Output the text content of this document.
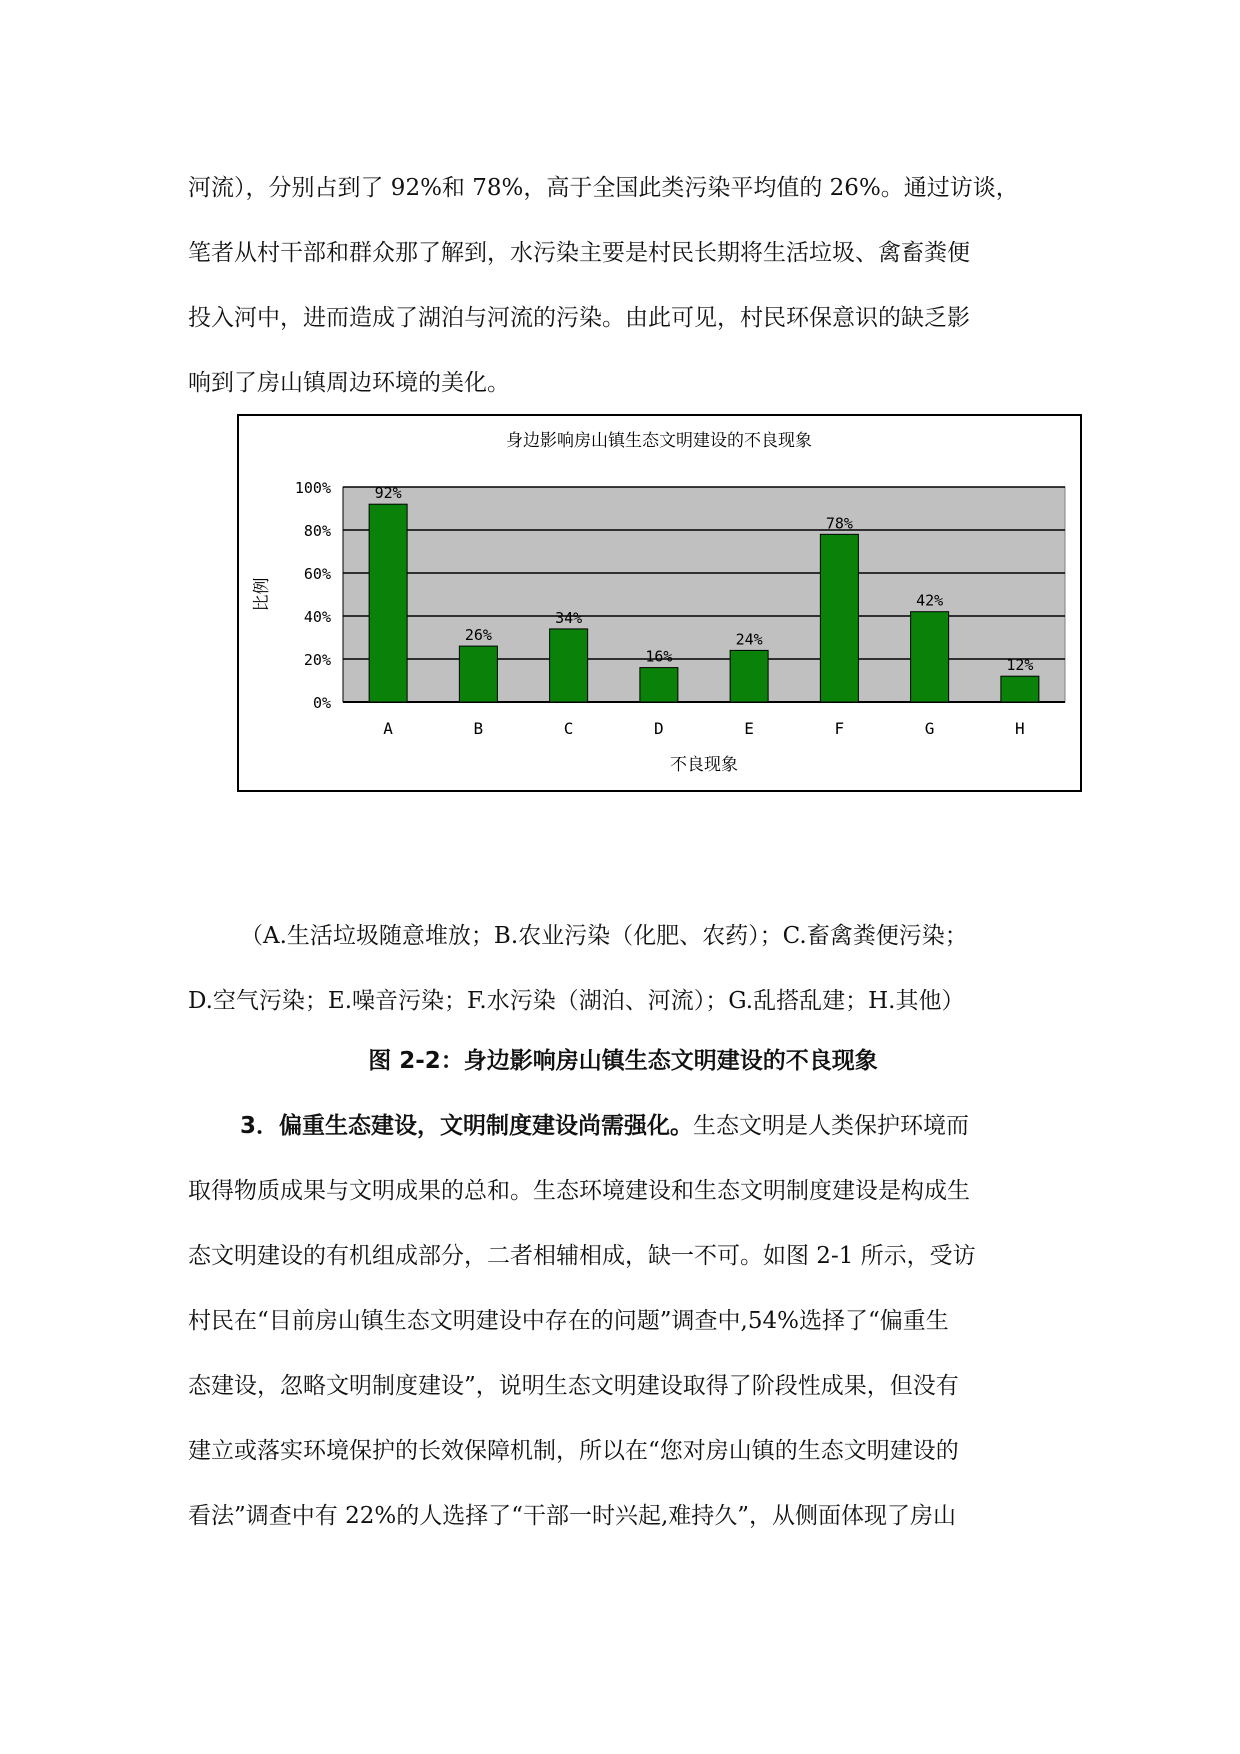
河流），分别占到了 92%和 78%，高于全国此类污染平均值的 26%。通过访谈，
笔者从村干部和群众那了解到，水污染主要是村民长期将生活垃圾、禽畜粪便
投入河中，进而造成了湖泊与河流的污染。由此可见，村民环保意识的缺乏影
响到了房山镇周边环境的美化。
0%
20%
40%
60%
80%
100%	92%
A
26%
B
34%
C
16%
D
24%
E
78%
F
42%
G
12%
H
身边影响房山镇生态文明建设的不良现象
不良现象
比例
（A.生活垃圾随意堆放；B.农业污染（化肥、农药）；C.畜禽粪便污染；
D.空气污染；E.噪音污染；F.水污染（湖泊、河流）；G.乱搭乱建；H.其他）
图 2-2：身边影响房山镇生态文明建设的不良现象
3．偏重生态建设，文明制度建设尚需强化。生态文明是人类保护环境而
取得物质成果与文明成果的总和。生态环境建设和生态文明制度建设是构成生
态文明建设的有机组成部分，二者相辅相成，缺一不可。如图 2-1 所示，受访
村民在“目前房山镇生态文明建设中存在的问题”调查中,54%选择了“偏重生
态建设，忽略文明制度建设”，说明生态文明建设取得了阶段性成果，但没有
建立或落实环境保护的长效保障机制，所以在“您对房山镇的生态文明建设的
看法”调查中有 22%的人选择了“干部一时兴起,难持久”，从侧面体现了房山
